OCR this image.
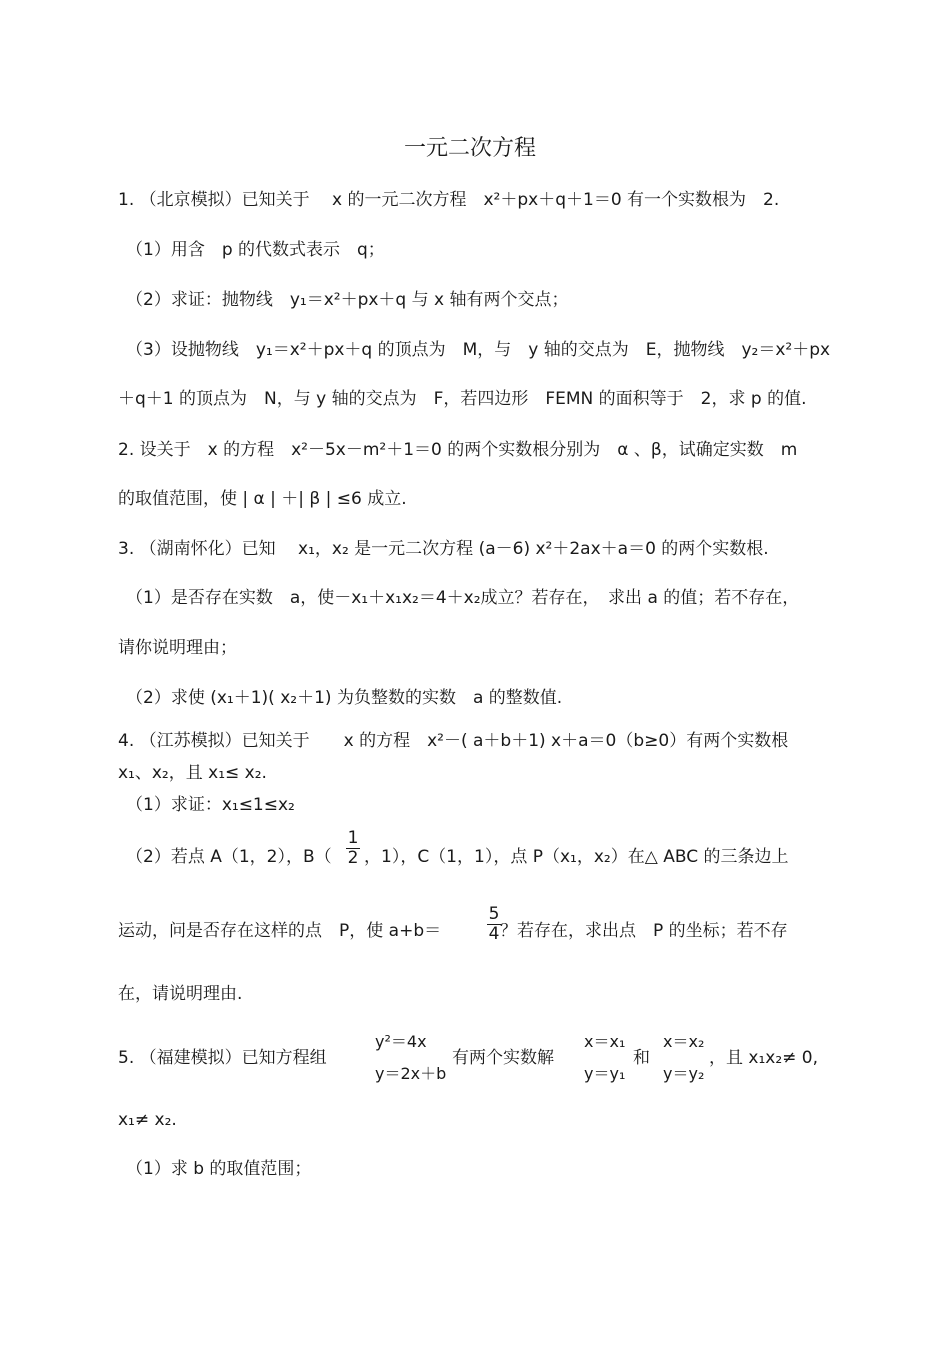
一元二次方程
1. （北京模拟）已知关于　 x 的一元二次方程　x²＋px＋q＋1＝0 有一个实数根为　2.
（1）用含　p 的代数式表示　q；
（2）求证：抛物线　y₁＝x²＋px＋q 与 x 轴有两个交点；
（3）设抛物线　y₁＝x²＋px＋q 的顶点为　M，与　y 轴的交点为　E，抛物线　y₂＝x²＋px
＋q＋1 的顶点为　N，与 y 轴的交点为　F，若四边形　FEMN 的面积等于　2，求 p 的值.
2. 设关于　x 的方程　x²－5x－m²＋1＝0 的两个实数根分别为　α 、β，试确定实数　m
的取值范围，使 | α | ＋| β | ≤6 成立.
3. （湖南怀化）已知　 x₁，x₂ 是一元二次方程 (a－6) x²＋2ax＋a＝0 的两个实数根.
（1）是否存在实数　a，使－x₁＋x₁x₂＝4＋x₂成立？若存在，　求出 a 的值；若不存在，
请你说明理由；
（2）求使 (x₁＋1)( x₂＋1) 为负整数的实数　a 的整数值.
4. （江苏模拟）已知关于　　x 的方程　x²－( a＋b＋1) x＋a＝0（b≥0）有两个实数根
x₁、x₂，且 x₁≤ x₂.
（1）求证：x₁≤1≤x₂
（2）若点 A（1，2），B（
1
2 ，1），C（1，1），点 P（x₁，x₂）在△ ABC 的三条边上
运动，问是否存在这样的点　P，使 a+b＝
5
4 ？若存在，求出点　P 的坐标；若不存
在，请说明理由.
5. （福建模拟）已知方程组
y²＝4x
y＝2x＋b
有两个实数解
x＝x₁
y＝y₁
和
x＝x₂
y＝y₂
，且 x₁x₂≠ 0,
x₁≠ x₂.
（1）求 b 的取值范围；
